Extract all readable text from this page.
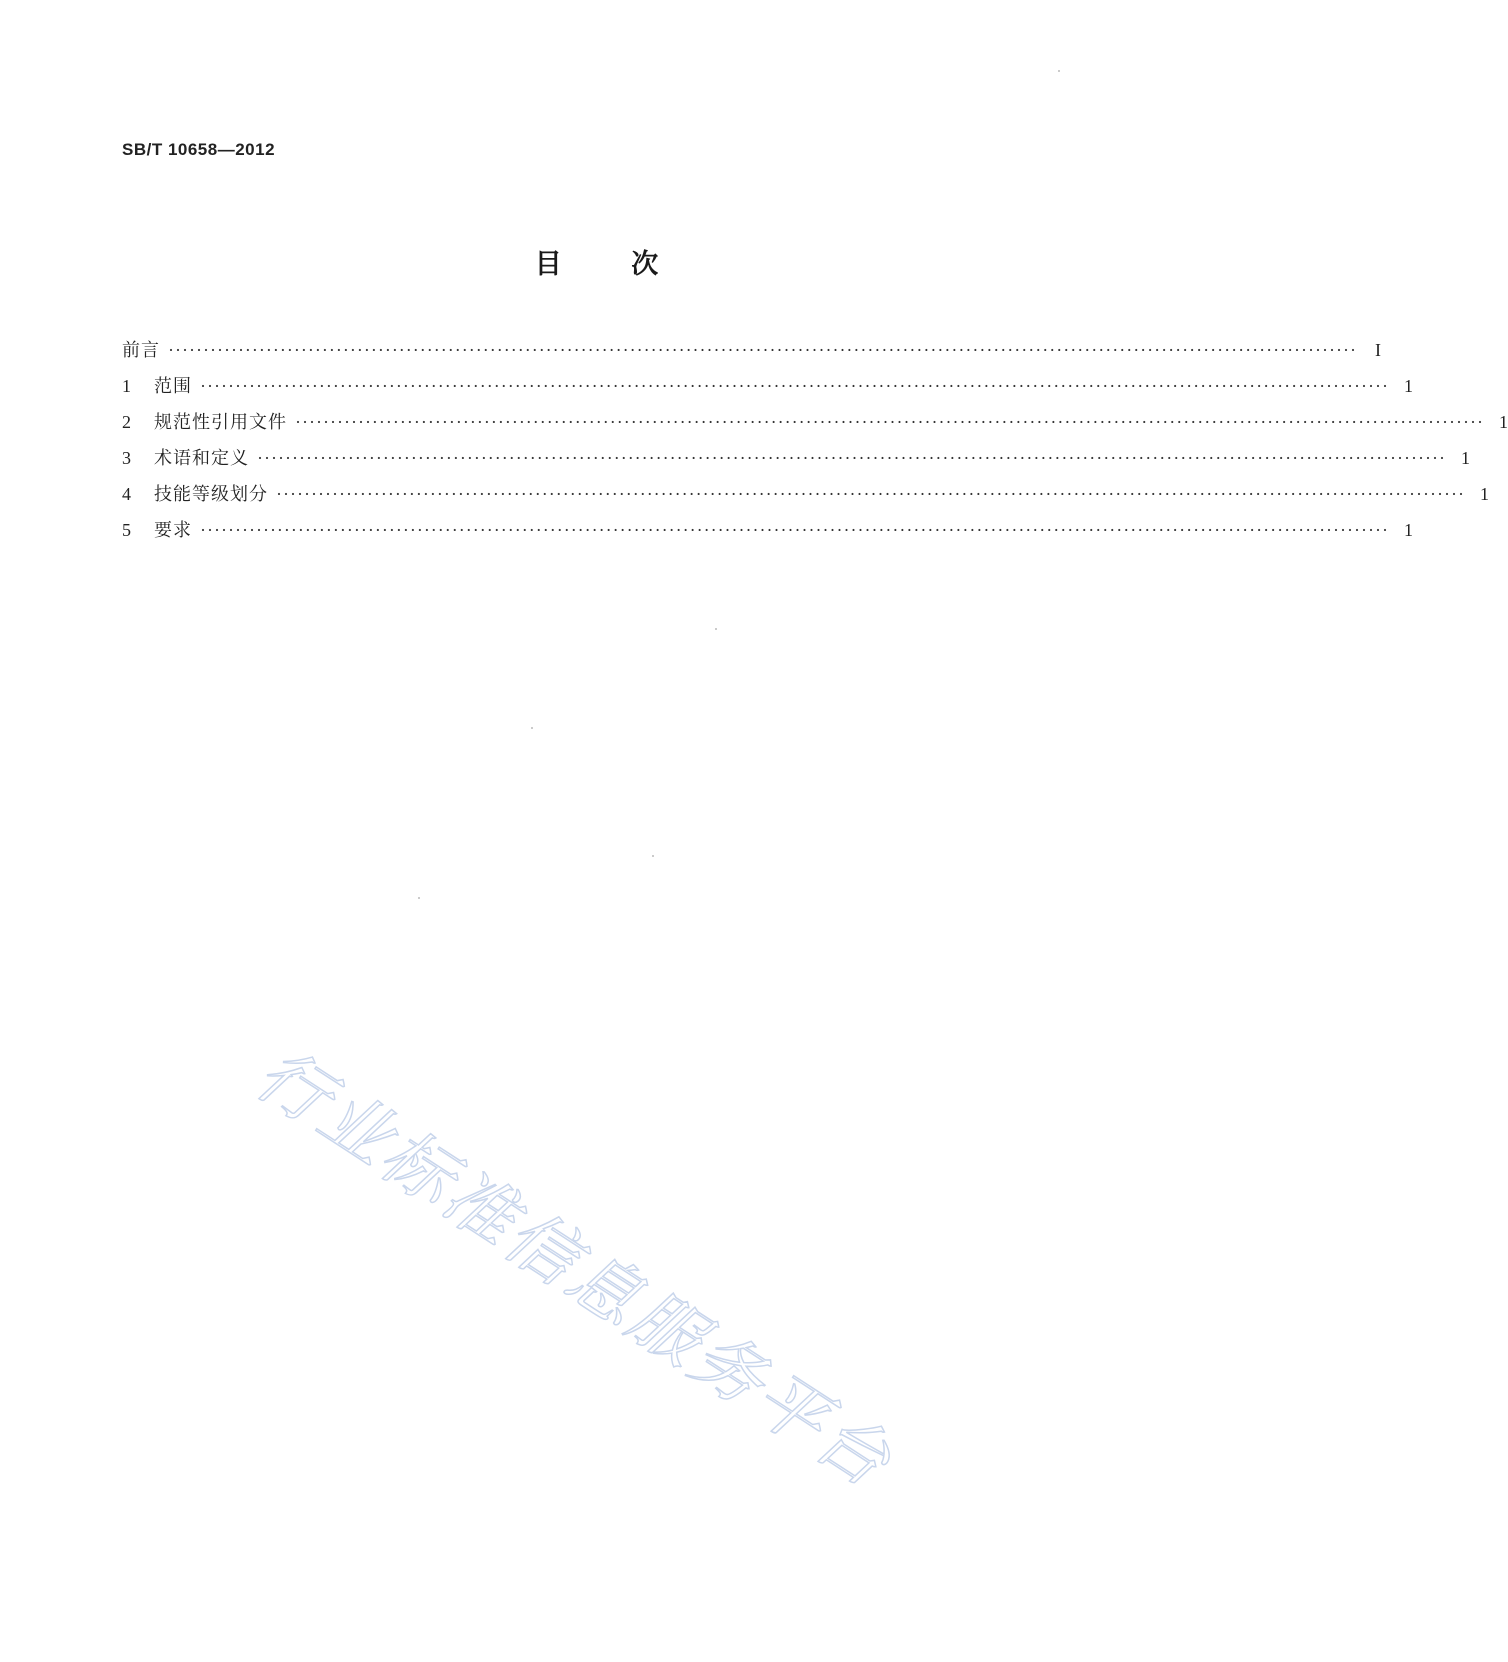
SB/T 10658—2012
目	次
前言 ··········································································································································································	I
1	范围 ·········································································································································································· 1
2	规范性引用文件 ·········································································································································································· 1
3	术语和定义 ·········································································································································································· 1
4	技能等级划分 ·········································································································································································· 1
5	要求 ·········································································································································································· 1
行业标准信息服务平台
